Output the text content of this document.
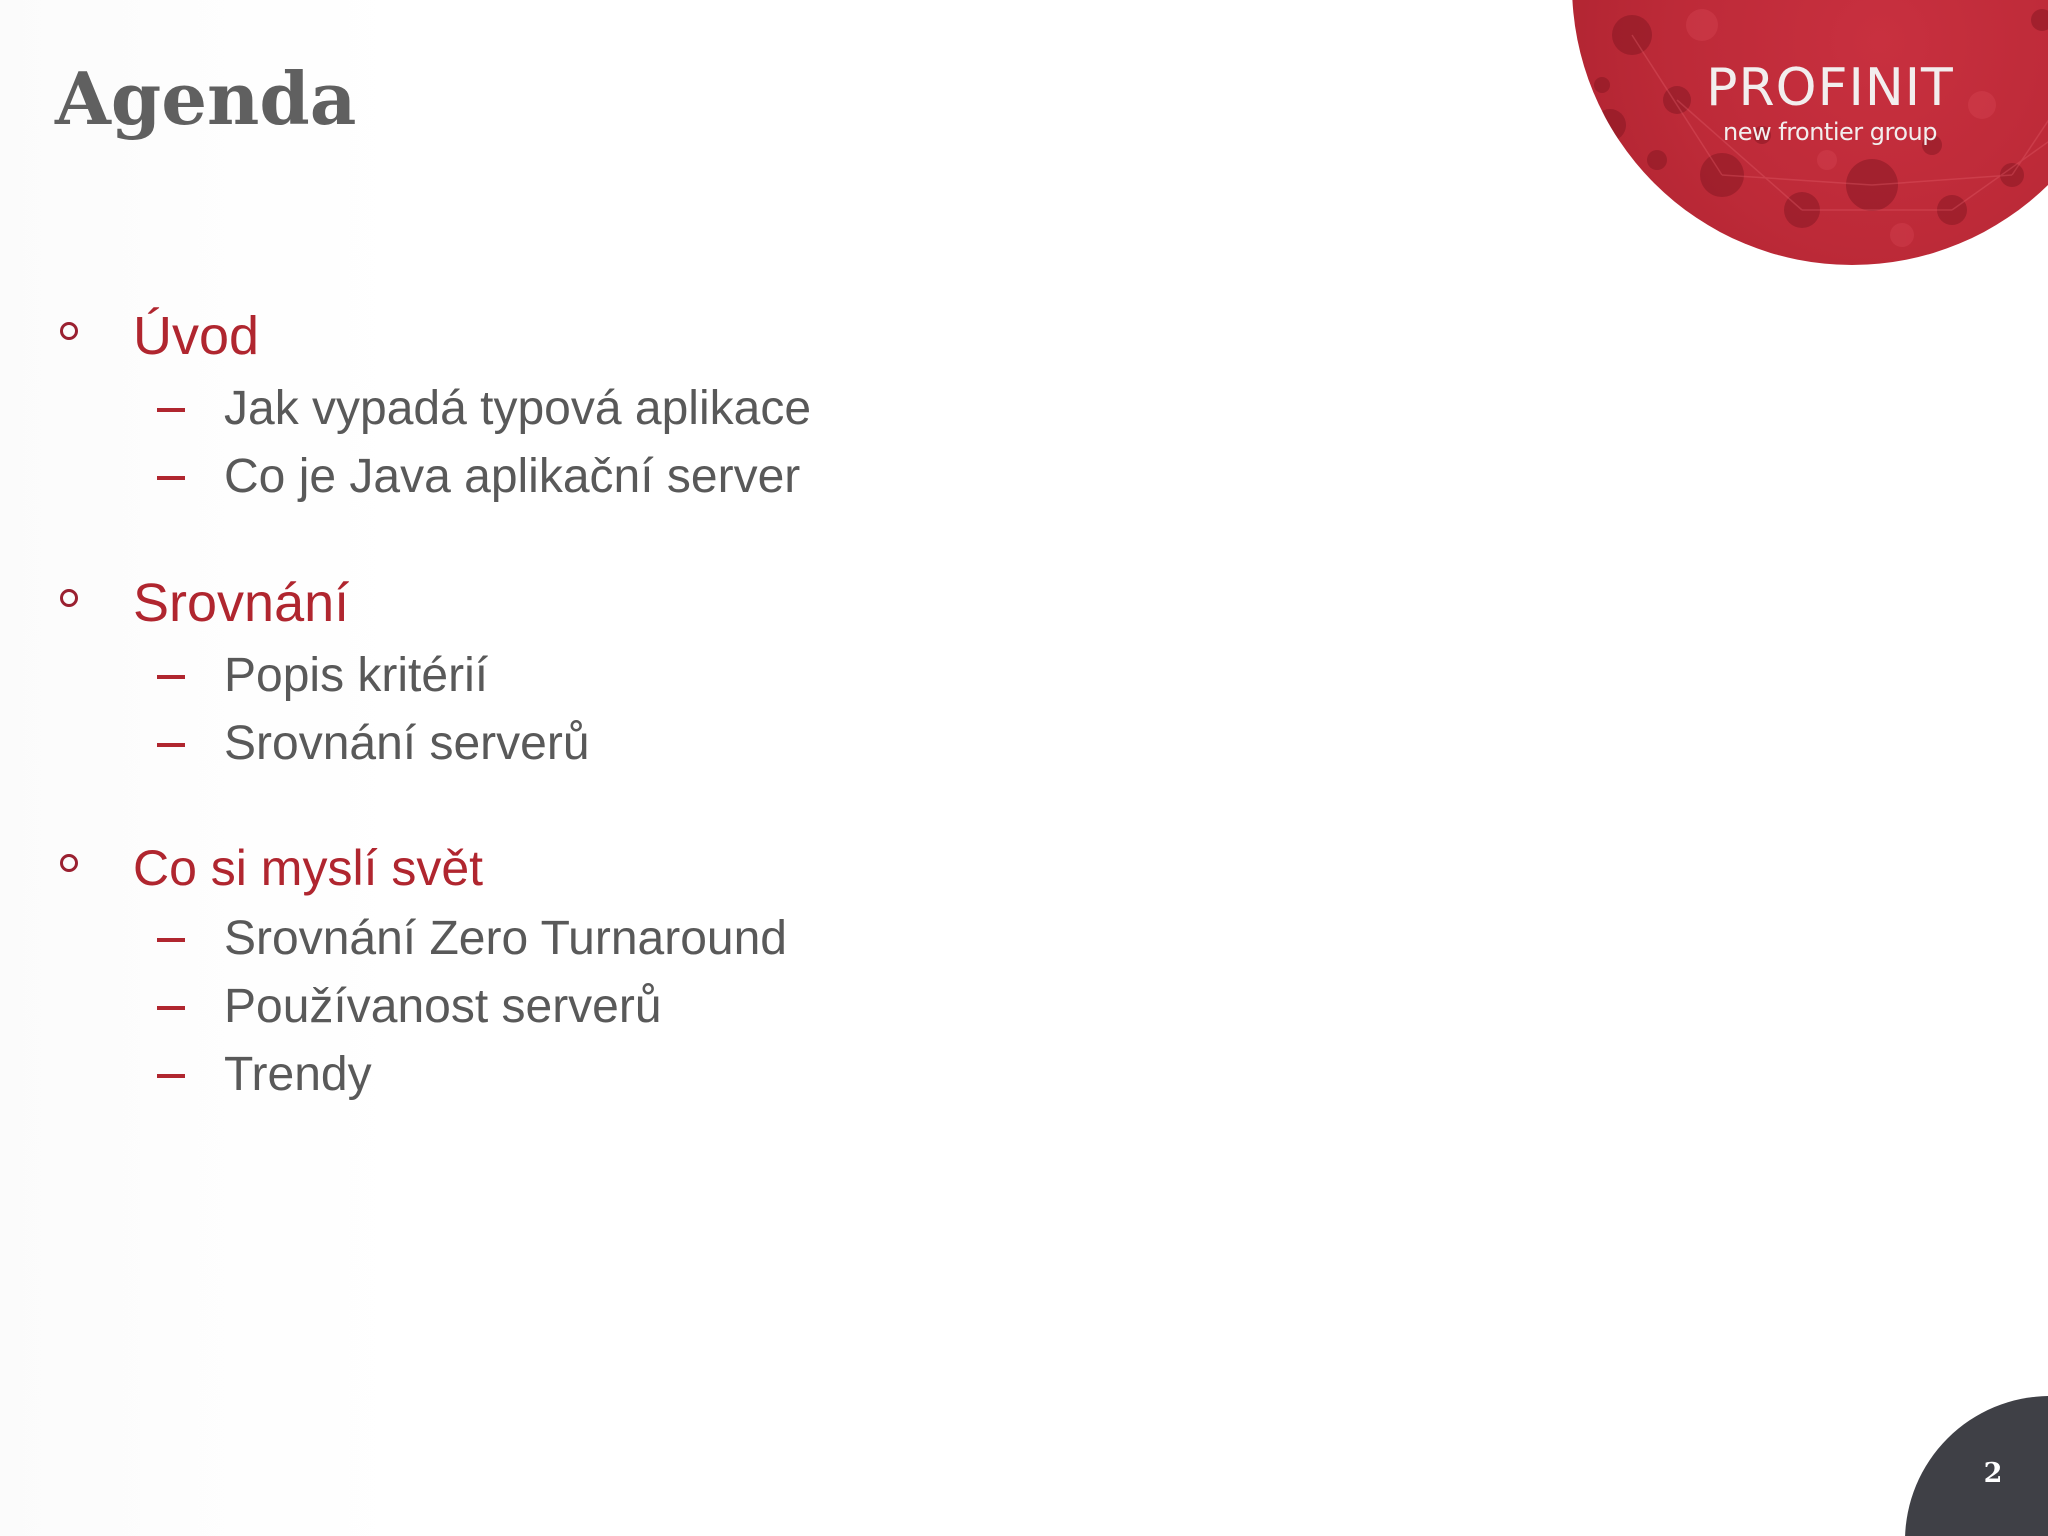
Agenda	PROFINIT
new frontier group
Úvod
Jak vypadá typová aplikace
Co je Java aplikační server
Srovnání
Popis kritérií
Srovnání serverů
Co si myslí svět
Srovnání Zero Turnaround
Používanost serverů
Trendy
2
